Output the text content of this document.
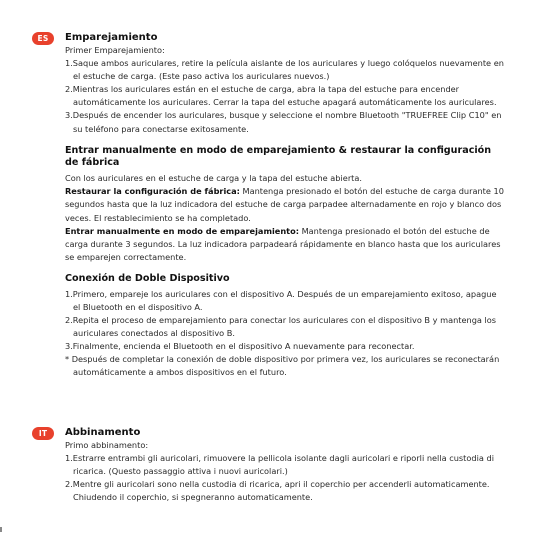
ES	Emparejamiento
Primer Emparejamiento:
1.Saque ambos auriculares, retire la película aislante de los auriculares y luego colóquelos nuevamente en el estuche de carga. (Este paso activa los auriculares nuevos.)
2.Mientras los auriculares están en el estuche de carga, abra la tapa del estuche para encender automáticamente los auriculares. Cerrar la tapa del estuche apagará automáticamente los auriculares.
3.Después de encender los auriculares, busque y seleccione el nombre Bluetooth "TRUEFREE Clip C10" en su teléfono para conectarse exitosamente.
Entrar manualmente en modo de emparejamiento & restaurar la configuración de fábrica
Con los auriculares en el estuche de carga y la tapa del estuche abierta.
Restaurar la configuración de fábrica: Mantenga presionado el botón del estuche de carga durante 10 segundos hasta que la luz indicadora del estuche de carga parpadee alternadamente en rojo y blanco dos veces. El restablecimiento se ha completado.
Entrar manualmente en modo de emparejamiento: Mantenga presionado el botón del estuche de carga durante 3 segundos. La luz indicadora parpadeará rápidamente en blanco hasta que los auriculares se emparejen correctamente.
Conexión de Doble Dispositivo
1.Primero, empareje los auriculares con el dispositivo A. Después de un emparejamiento exitoso, apague el Bluetooth en el dispositivo A.
2.Repita el proceso de emparejamiento para conectar los auriculares con el dispositivo B y mantenga los auriculares conectados al dispositivo B.
3.Finalmente, encienda el Bluetooth en el dispositivo A nuevamente para reconectar.
* Después de completar la conexión de doble dispositivo por primera vez, los auriculares se reconectarán automáticamente a ambos dispositivos en el futuro.
IT	Abbinamento
Primo abbinamento:
1.Estrarre entrambi gli auricolari, rimuovere la pellicola isolante dagli auricolari e riporli nella custodia di ricarica. (Questo passaggio attiva i nuovi auricolari.)
2.Mentre gli auricolari sono nella custodia di ricarica, apri il coperchio per accenderli automaticamente. Chiudendo il coperchio, si spegneranno automaticamente.
